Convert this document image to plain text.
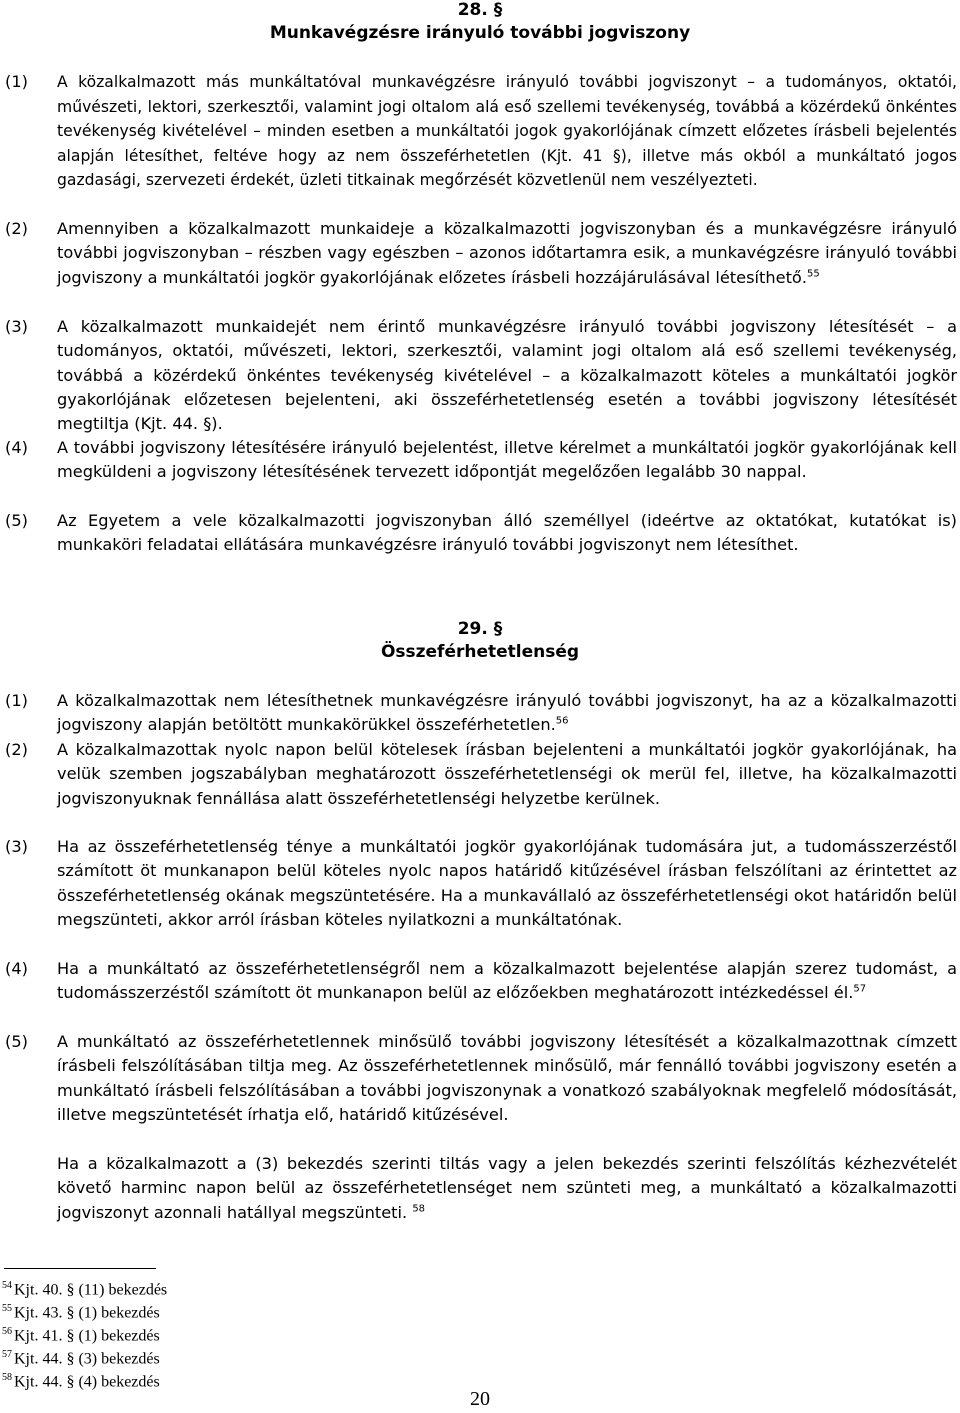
28. §
Munkavégzésre irányuló további jogviszony
(1) A közalkalmazott más munkáltatóval munkavégzésre irányuló további jogviszonyt – a tudományos, oktatói, művészeti, lektori, szerkesztői, valamint jogi oltalom alá eső szellemi tevékenység, továbbá a közérdekű önkéntes tevékenység kivételével – minden esetben a munkáltatói jogok gyakorlójának címzett előzetes írásbeli bejelentés alapján létesíthet, feltéve hogy az nem összeférhetetlen (Kjt. 41 §), illetve más okból a munkáltató jogos gazdasági, szervezeti érdekét, üzleti titkainak megőrzését közvetlenül nem veszélyezteti.
(2) Amennyiben a közalkalmazott munkaideje a közalkalmazotti jogviszonyban és a munkavégzésre irányuló további jogviszonyban – részben vagy egészben – azonos időtartamra esik, a munkavégzésre irányuló további jogviszony a munkáltatói jogkör gyakorlójának előzetes írásbeli hozzájárulásával létesíthető.$^{55}$
(3) A közalkalmazott munkaidejét nem érintő munkavégzésre irányuló további jogviszony létesítését – a tudományos, oktatói, művészeti, lektori, szerkesztői, valamint jogi oltalom alá eső szellemi tevékenység, továbbá a közérdekű önkéntes tevékenység kivételével – a közalkalmazott köteles a munkáltatói jogkör gyakorlójának előzetesen bejelenteni, aki összeférhetetlenség esetén a további jogviszony létesítését megtiltja (Kjt. 44. §).
(4) A további jogviszony létesítésére irányuló bejelentést, illetve kérelmet a munkáltatói jogkör gyakorlójának kell megküldeni a jogviszony létesítésének tervezett időpontját megelőzően legalább 30 nappal.
(5) Az Egyetem a vele közalkalmazotti jogviszonyban álló személlyel (ideértve az oktatókat, kutatókat is) munkaköri feladatai ellátására munkavégzésre irányuló további jogviszonyt nem létesíthet.
29. §
Összeférhetetlenség
(1) A közalkalmazottak nem létesíthetnek munkavégzésre irányuló további jogviszonyt, ha az a közalkalmazotti jogviszony alapján betöltött munkakörükkel összeférhetetlen.$^{56}$
(2) A közalkalmazottak nyolc napon belül kötelesek írásban bejelenteni a munkáltatói jogkör gyakorlójának, ha velük szemben jogszabályban meghatározott összeférhetetlenségi ok merül fel, illetve, ha közalkalmazotti jogviszonyuknak fennállása alatt összeférhetetlenségi helyzetbe kerülnek.
(3) Ha az összeférhetetlenség ténye a munkáltatói jogkör gyakorlójának tudomására jut, a tudomásszerzéstől számított öt munkanapon belül köteles nyolc napos határidő kitűzésével írásban felszólítani az érintettet az összeférhetetlenség okának megszüntetésére. Ha a munkavállaló az összeférhetetlenségi okot határidőn belül megszünteti, akkor arról írásban köteles nyilatkozni a munkáltatónak.
(4) Ha a munkáltató az összeférhetetlenségről nem a közalkalmazott bejelentése alapján szerez tudomást, a tudomásszerzéstől számított öt munkanapon belül az előzőekben meghatározott intézkedéssel él.$^{57}$
(5) A munkáltató az összeférhetetlennek minősülő további jogviszony létesítését a közalkalmazottnak címzett írásbeli felszólításában tiltja meg. Az összeférhetetlennek minősülő, már fennálló további jogviszony esetén a munkáltató írásbeli felszólításában a további jogviszonynak a vonatkozó szabályoknak megfelelő módosítását, illetve megszüntetését írhatja elő, határidő kitűzésével.
Ha a közalkalmazott a (3) bekezdés szerinti tiltás vagy a jelen bekezdés szerinti felszólítás kézhezvételét követő harminc napon belül az összeférhetetlenséget nem szünteti meg, a munkáltató a közalkalmazotti jogviszonyt azonnali hatállyal megszünteti. $^{58}$
$^{54}$ Kjt. 40. § (11) bekezdés
$^{55}$ Kjt. 43. § (1) bekezdés
$^{56}$ Kjt. 41. § (1) bekezdés
$^{57}$ Kjt. 44. § (3) bekezdés
$^{58}$ Kjt. 44. § (4) bekezdés
20
